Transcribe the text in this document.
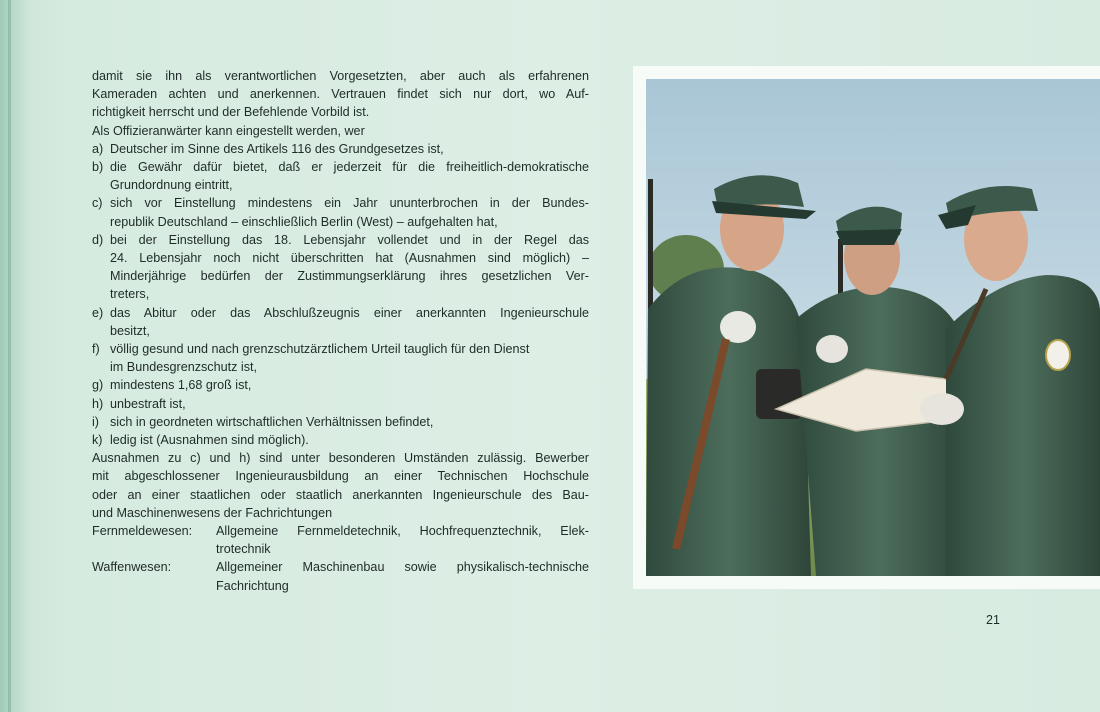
damit sie ihn als verantwortlichen Vorgesetzten, aber auch als erfahrenen

Kameraden achten und anerkennen. Vertrauen findet sich nur dort, wo Auf-

richtigkeit herrscht und der Befehlende Vorbild ist.

Als Offizieranwärter kann eingestellt werden, wer

a) Deutscher im Sinne des Artikels 116 des Grundgesetzes ist,

b) die Gewähr dafür bietet, daß er jederzeit für die freiheitlich-demokratische

Grundordnung eintritt,

c) sich vor Einstellung mindestens ein Jahr ununterbrochen in der Bundes-

republik Deutschland – einschließlich Berlin (West) – aufgehalten hat,

d) bei der Einstellung das 18. Lebensjahr vollendet und in der Regel das

24. Lebensjahr noch nicht überschritten hat (Ausnahmen sind möglich) –

Minderjährige bedürfen der Zustimmungserklärung ihres gesetzlichen Ver-

treters,

e) das Abitur oder das Abschlußzeugnis einer anerkannten Ingenieurschule

besitzt,

f) völlig gesund und nach grenzschutzärztlichem Urteil tauglich für den Dienst

im Bundesgrenzschutz ist,

g) mindestens 1,68 groß ist,

h) unbestraft ist,

i) sich in geordneten wirtschaftlichen Verhältnissen befindet,

k) ledig ist (Ausnahmen sind möglich).

Ausnahmen zu c) und h) sind unter besonderen Umständen zulässig. Bewerber

mit abgeschlossener Ingenieurausbildung an einer Technischen Hochschule

oder an einer staatlichen oder staatlich anerkannten Ingenieurschule des Bau-

und Maschinenwesens der Fachrichtungen

Fernmeldewesen:	Allgemeine Fernmeldetechnik, Hochfrequenztechnik, Elek-

trotechnik

Waffenwesen:	Allgemeiner Maschinenbau sowie physikalisch-technische

Fachrichtung

21
